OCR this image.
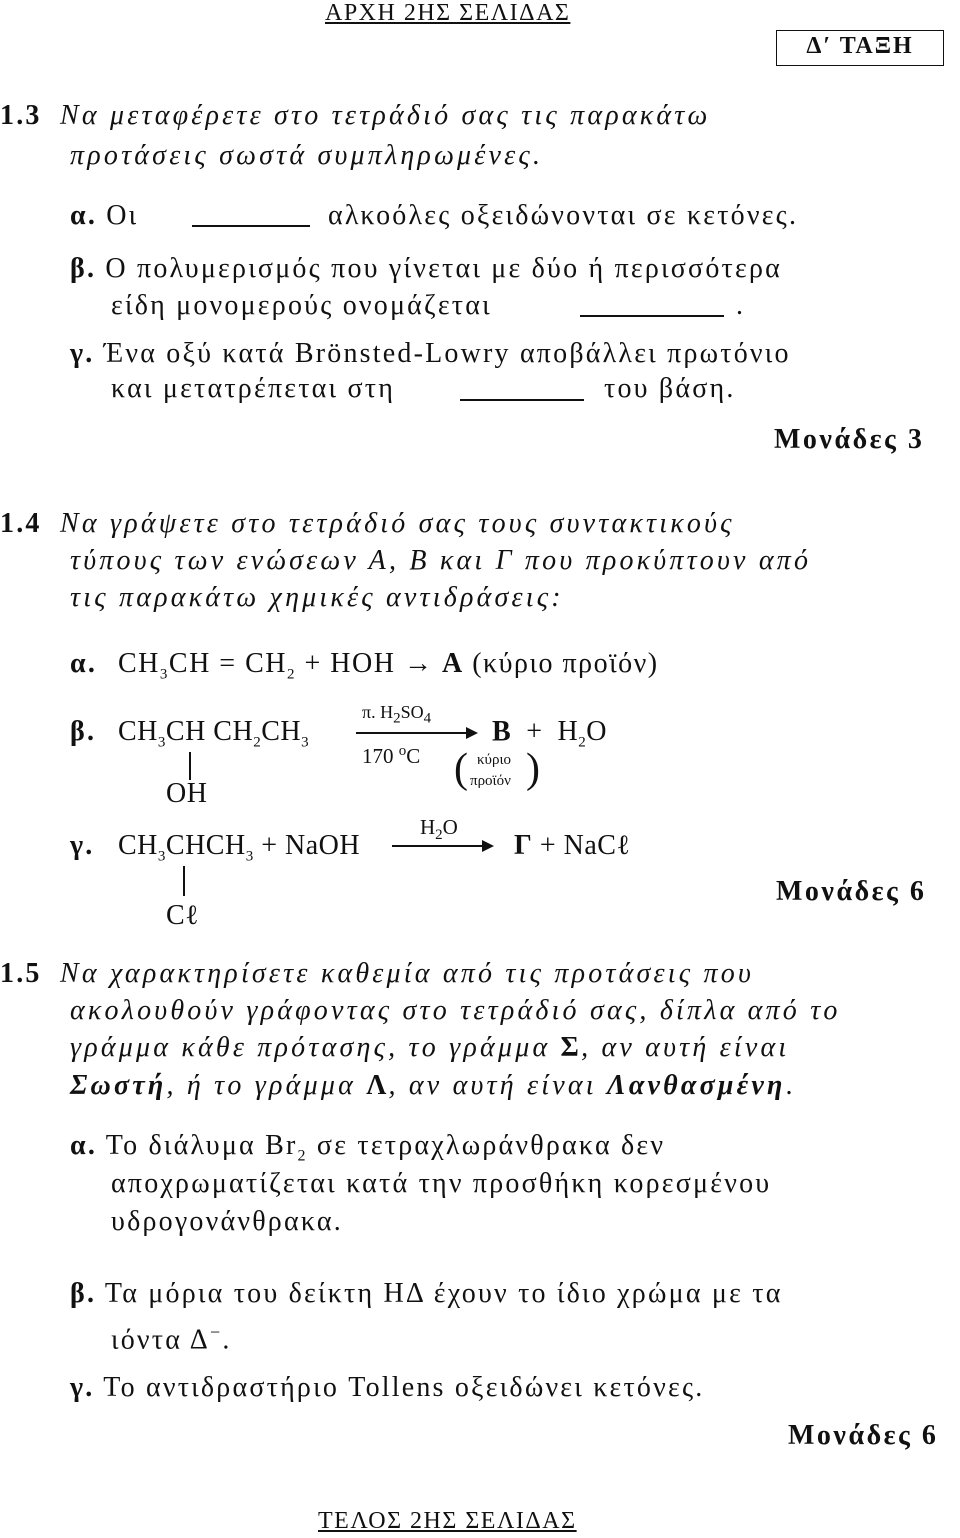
ΑΡΧΗ 2ΗΣ ΣΕΛΙΔΑΣ
Δ′ ΤΑΞΗ
1.3 Να μεταφέρετε στο τετράδιό σας τις παρακάτω
προτάσεις σωστά συμπληρωμένες.
α. Οι	αλκοόλες οξειδώνονται σε κετόνες.
β. Ο πολυμερισμός που γίνεται με δύο ή περισσότερα
είδη μονομερούς ονομάζεται	.
γ. Ένα οξύ κατά Brönsted-Lowry αποβάλλει πρωτόνιο
και μετατρέπεται στη	του βάση.
Μονάδες 3
1.4 Να γράψετε στο τετράδιό σας τους συντακτικούς
τύπους των ενώσεων Α, Β και Γ που προκύπτουν από
τις παρακάτω χημικές αντιδράσεις:
α. $CH_3CH = CH_2$ + HOH → Α (κύριο προϊόν)
β. $CH_3CH$ $CH_2CH_3$
OH
π. $H_2SO_4$
170 $^o$C
$B + H_2O$
( κύριο
προϊόν )
γ. $CH_3CHCH_3$ + NaOH
$H_2O$
Γ + NaCℓ
Cℓ
Μονάδες 6
1.5 Να χαρακτηρίσετε καθεμία από τις προτάσεις που
ακολουθούν γράφοντας στο τετράδιό σας, δίπλα από το
γράμμα κάθε πρότασης, το γράμμα Σ, αν αυτή είναι
Σωστή, ή το γράμμα Λ, αν αυτή είναι Λανθασμένη.
α. Το διάλυμα $Br_2$ σε τετραχλωράνθρακα δεν
αποχρωματίζεται κατά την προσθήκη κορεσμένου
υδρογονάνθρακα.
β. Τα μόρια του δείκτη ΗΔ έχουν το ίδιο χρώμα με τα
ιόντα Δ−.
γ. Το αντιδραστήριο Tollens οξειδώνει κετόνες.
Μονάδες 6
ΤΕΛΟΣ 2ΗΣ ΣΕΛΙΔΑΣ
